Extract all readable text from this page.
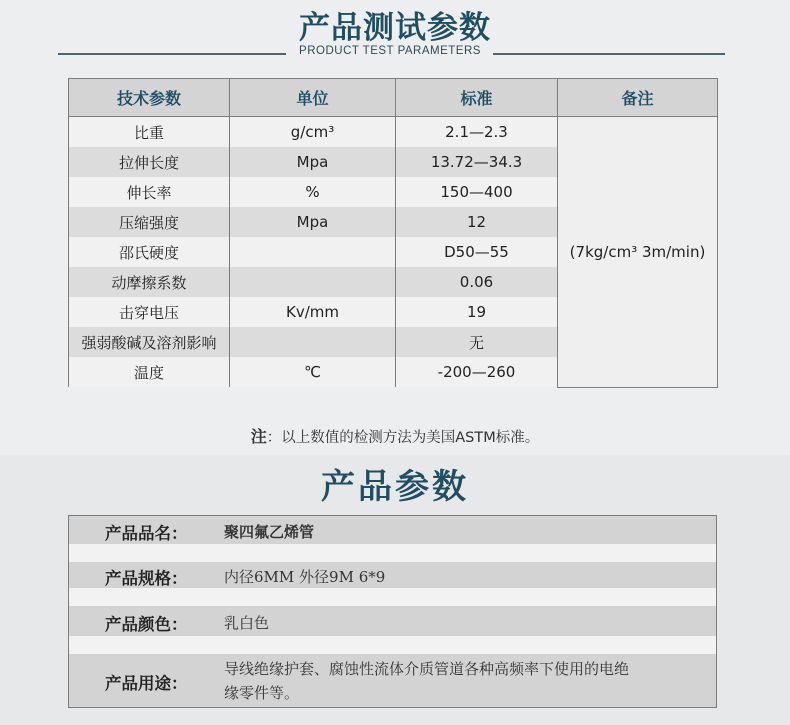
产品测试参数
PRODUCT TEST PARAMETERS
技术参数	单位	标准	备注
比重	g/cm³	2.1—2.3	(7kg/cm³ 3m/min)
拉伸长度	Mpa	13.72—34.3	
伸长率	%	150—400	
压缩强度	Mpa	12	
邵氏硬度		D50—55	
动摩擦系数		0.06	
击穿电压	Kv/mm	19	
强弱酸碱及溶剂影响		无	
温度	℃	-200—260	
注：以上数值的检测方法为美国ASTM标准。
产品参数
产品品名： 聚四氟乙烯管
产品规格： 内径6MM 外径9M 6*9
产品颜色： 乳白色
产品用途：
导线绝缘护套、腐蚀性流体介质管道各种高频率下使用的电绝
缘零件等。
